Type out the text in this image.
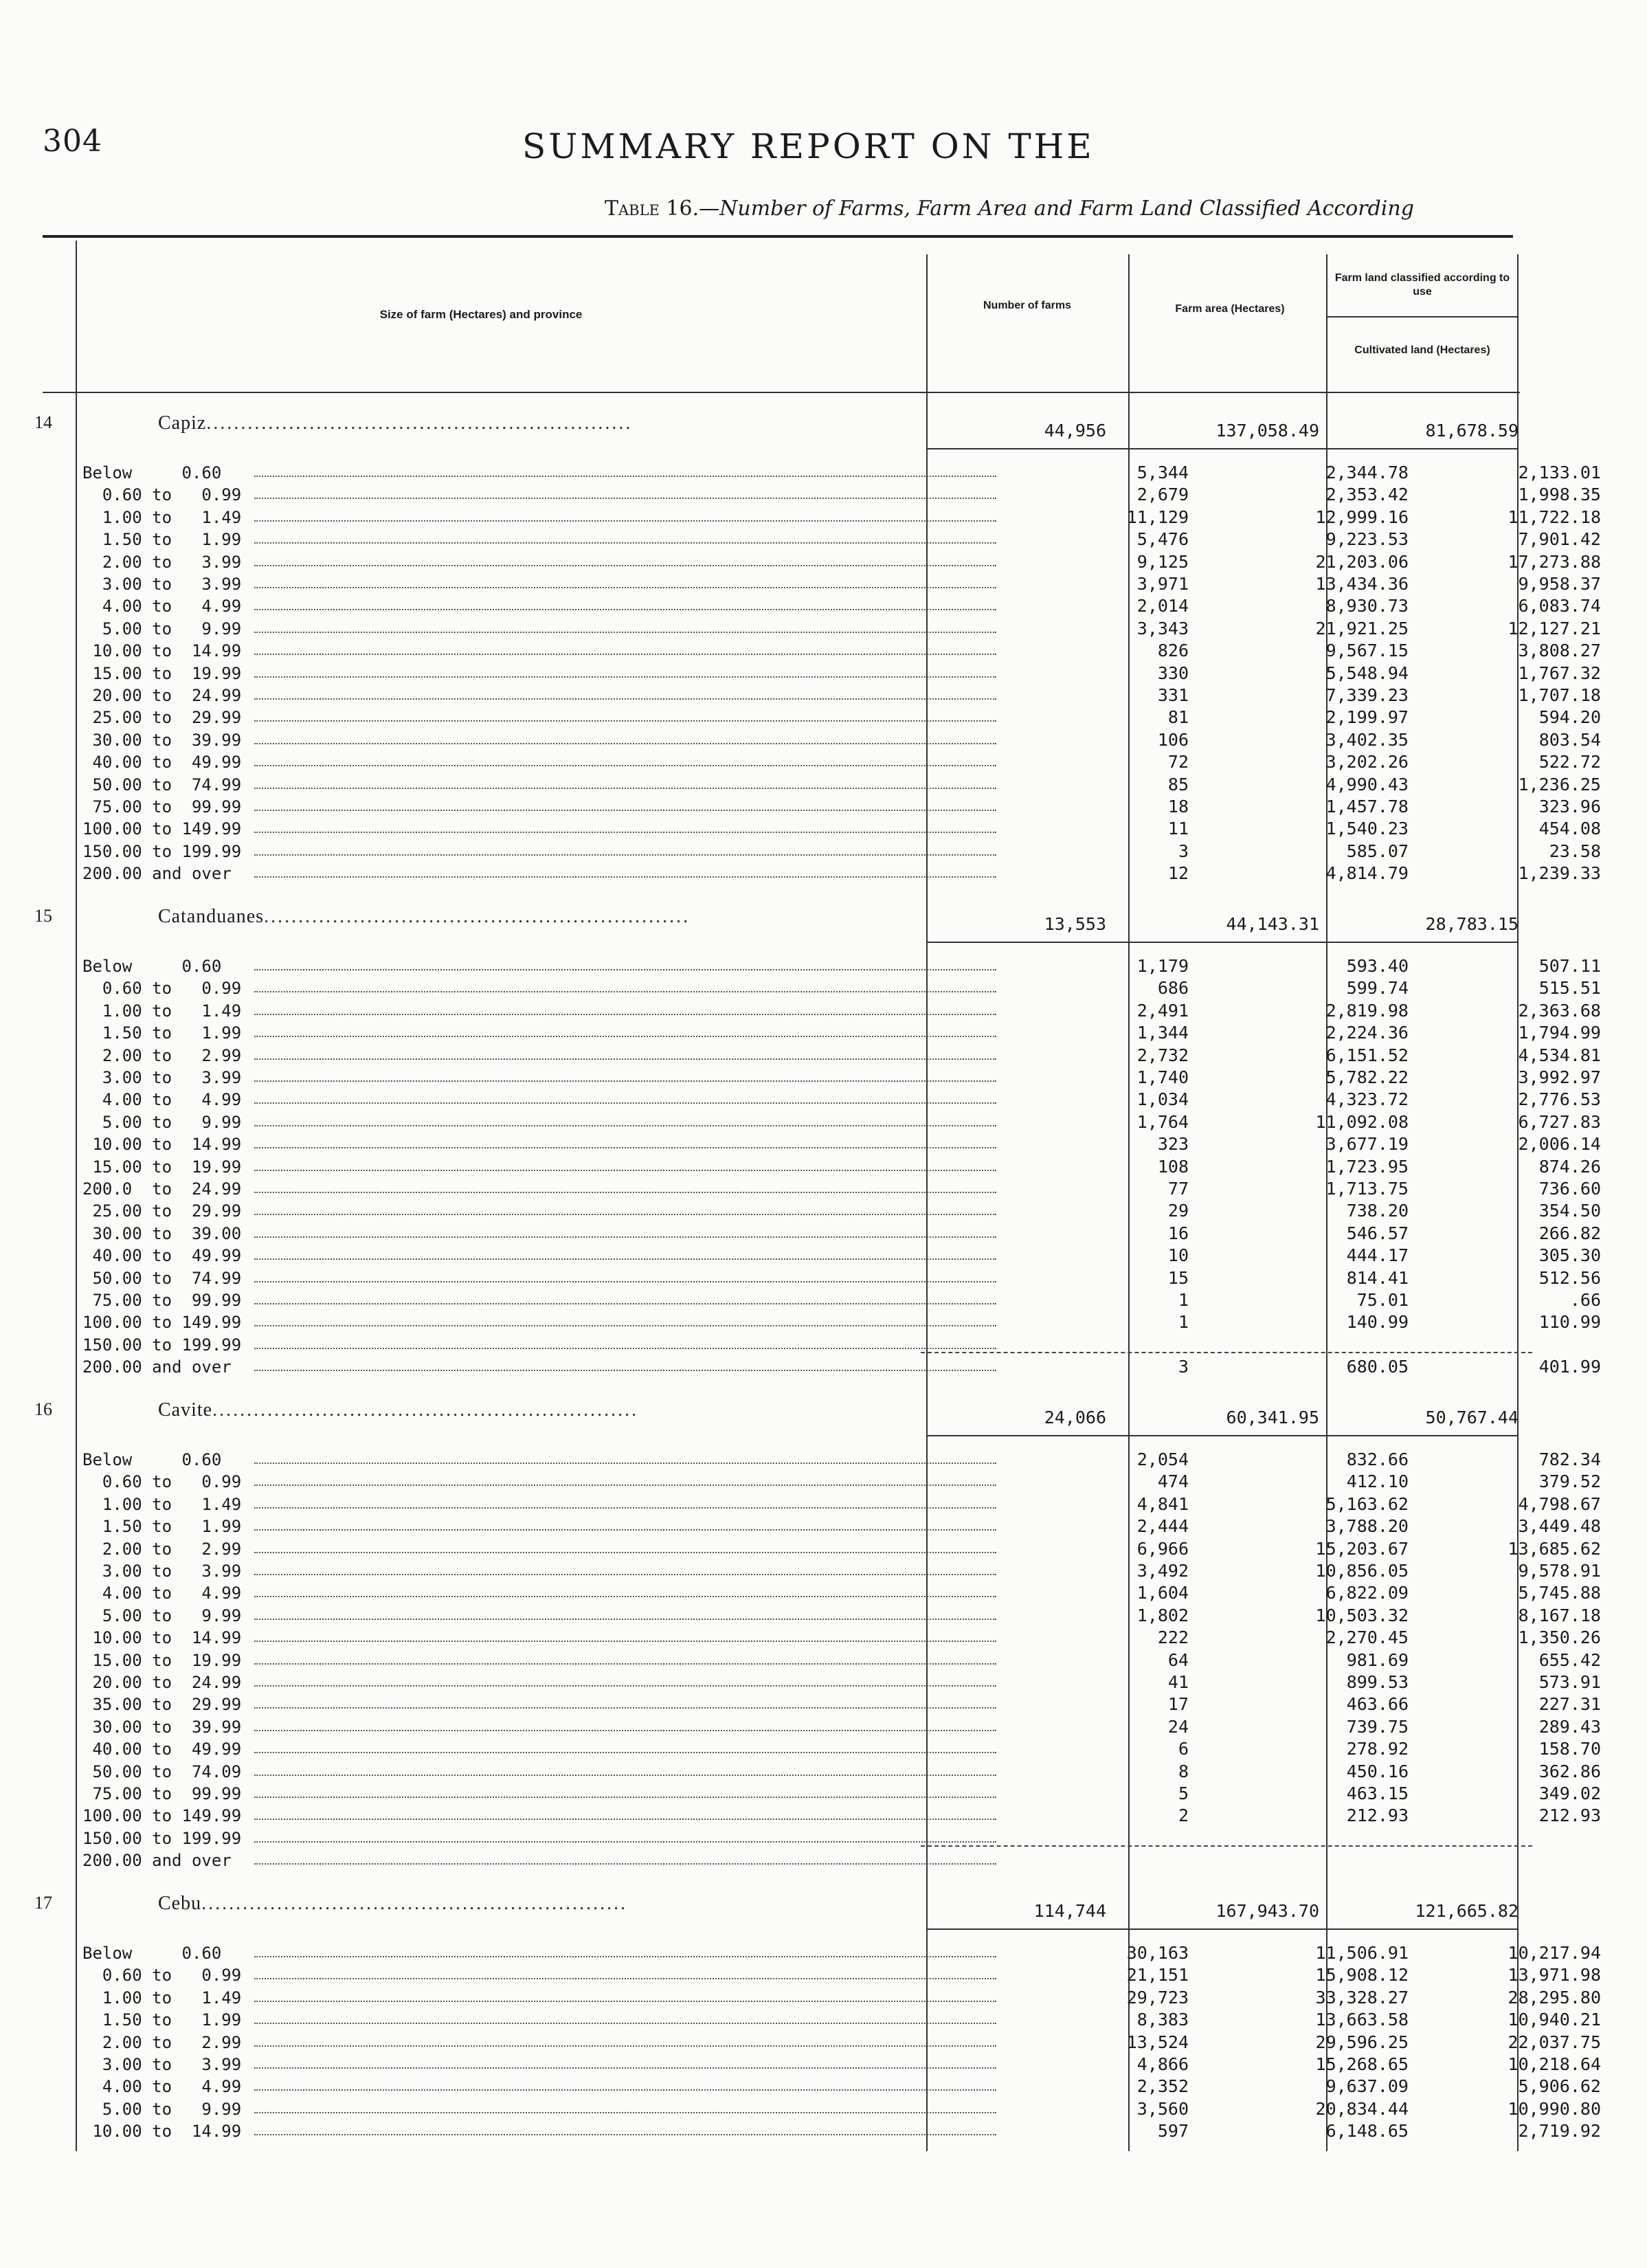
304	SUMMARY REPORT ON THE
Table 16.—Number of Farms, Farm Area and Farm Land Classified According
Size of farm (Hectares) and province
Number of farms	Farm area (Hectares)
Farm land classified according to use
Cultivated land (Hectares)
14	Capiz..............................................................	44,956	137,058.49	81,678.59
Below     0.60	5,344	2,344.78	2,133.01
0.60 to   0.99	2,679	2,353.42	1,998.35
1.00 to   1.49	11,129	12,999.16	11,722.18
1.50 to   1.99	5,476	9,223.53	7,901.42
2.00 to   3.99	9,125	21,203.06	17,273.88
3.00 to   3.99	3,971	13,434.36	9,958.37
4.00 to   4.99	2,014	8,930.73	6,083.74
5.00 to   9.99	3,343	21,921.25	12,127.21
10.00 to  14.99	826	9,567.15	3,808.27
15.00 to  19.99	330	5,548.94	1,767.32
20.00 to  24.99	331	7,339.23	1,707.18
25.00 to  29.99	81	2,199.97	594.20
30.00 to  39.99	106	3,402.35	803.54
40.00 to  49.99	72	3,202.26	522.72
50.00 to  74.99	85	4,990.43	1,236.25
75.00 to  99.99	18	1,457.78	323.96
100.00 to 149.99	11	1,540.23	454.08
150.00 to 199.99	3	585.07	23.58
200.00 and over	12	4,814.79	1,239.33
15	Catanduanes..............................................................	13,553	44,143.31	28,783.15
Below     0.60	1,179	593.40	507.11
0.60 to   0.99	686	599.74	515.51
1.00 to   1.49	2,491	2,819.98	2,363.68
1.50 to   1.99	1,344	2,224.36	1,794.99
2.00 to   2.99	2,732	6,151.52	4,534.81
3.00 to   3.99	1,740	5,782.22	3,992.97
4.00 to   4.99	1,034	4,323.72	2,776.53
5.00 to   9.99	1,764	11,092.08	6,727.83
10.00 to  14.99	323	3,677.19	2,006.14
15.00 to  19.99	108	1,723.95	874.26
200.0  to  24.99	77	1,713.75	736.60
25.00 to  29.99	29	738.20	354.50
30.00 to  39.00	16	546.57	266.82
40.00 to  49.99	10	444.17	305.30
50.00 to  74.99	15	814.41	512.56
75.00 to  99.99	1	75.01	.66
100.00 to 149.99	1	140.99	110.99
150.00 to 199.99
200.00 and over	3	680.05	401.99
16	Cavite..............................................................	24,066	60,341.95	50,767.44
Below     0.60	2,054	832.66	782.34
0.60 to   0.99	474	412.10	379.52
1.00 to   1.49	4,841	5,163.62	4,798.67
1.50 to   1.99	2,444	3,788.20	3,449.48
2.00 to   2.99	6,966	15,203.67	13,685.62
3.00 to   3.99	3,492	10,856.05	9,578.91
4.00 to   4.99	1,604	6,822.09	5,745.88
5.00 to   9.99	1,802	10,503.32	8,167.18
10.00 to  14.99	222	2,270.45	1,350.26
15.00 to  19.99	64	981.69	655.42
20.00 to  24.99	41	899.53	573.91
35.00 to  29.99	17	463.66	227.31
30.00 to  39.99	24	739.75	289.43
40.00 to  49.99	6	278.92	158.70
50.00 to  74.09	8	450.16	362.86
75.00 to  99.99	5	463.15	349.02
100.00 to 149.99	2	212.93	212.93
150.00 to 199.99
200.00 and over
17	Cebu..............................................................	114,744	167,943.70	121,665.82
Below     0.60	30,163	11,506.91	10,217.94
0.60 to   0.99	21,151	15,908.12	13,971.98
1.00 to   1.49	29,723	33,328.27	28,295.80
1.50 to   1.99	8,383	13,663.58	10,940.21
2.00 to   2.99	13,524	29,596.25	22,037.75
3.00 to   3.99	4,866	15,268.65	10,218.64
4.00 to   4.99	2,352	9,637.09	5,906.62
5.00 to   9.99	3,560	20,834.44	10,990.80
10.00 to  14.99	597	6,148.65	2,719.92
